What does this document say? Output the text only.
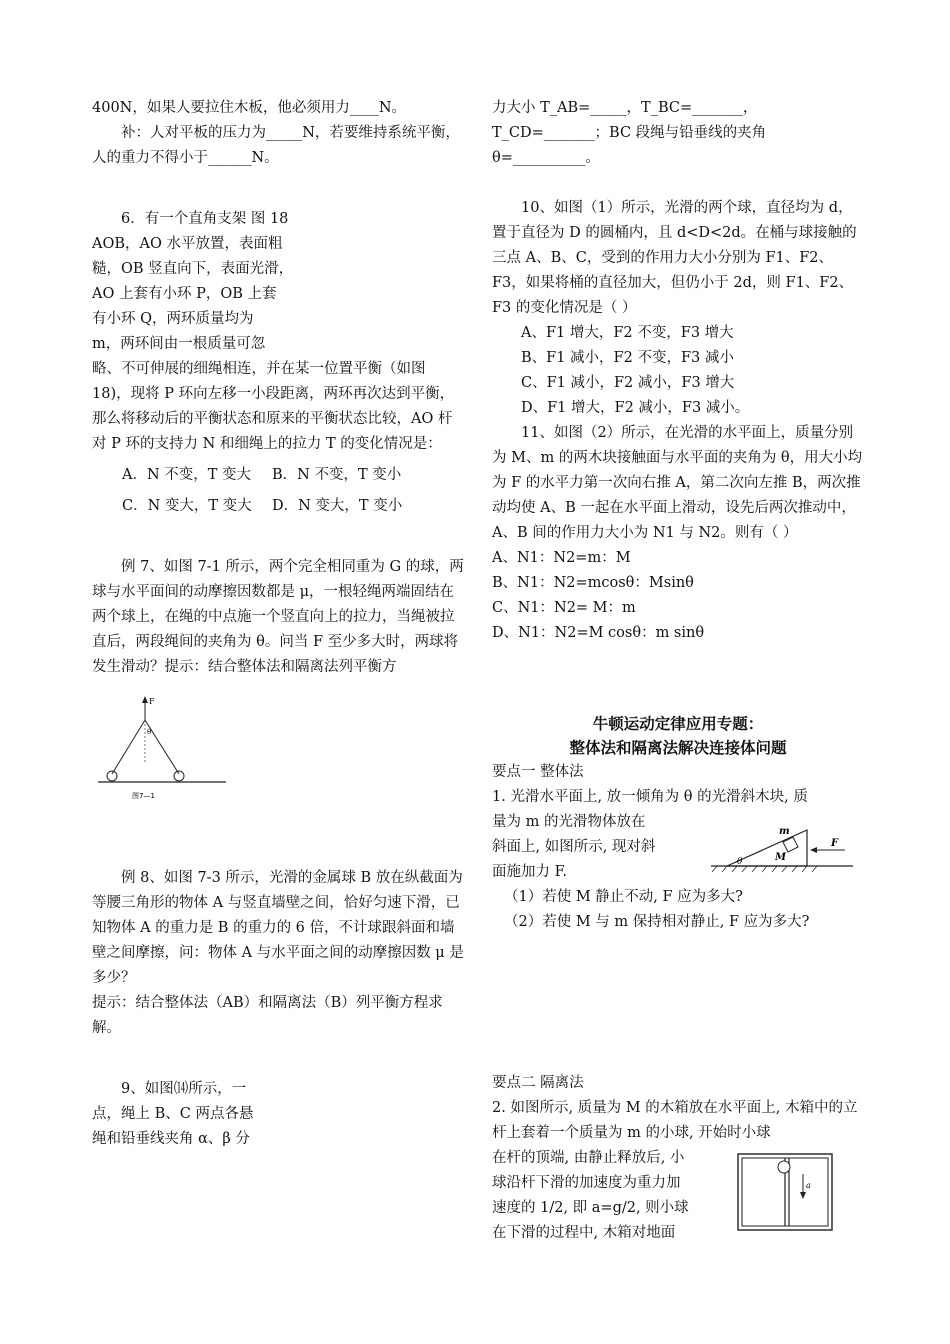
400N，如果人要拉住木板，他必须用力____N。

补：人对平板的压力为_____N，若要维持系统平衡，人的重力不得小于______N。

6．有一个直角支架 图 18

AOB，AO 水平放置，表面粗

糙，OB 竖直向下，表面光滑，

AO 上套有小环 P，OB 上套

有小环 Q，两环质量均为

m，两环间由一根质量可忽

略、不可伸展的细绳相连，并在某一位置平衡（如图 18)，现将 P 环向左移一小段距离，两环再次达到平衡，那么将移动后的平衡状态和原来的平衡状态比较，AO 杆对 P 环的支持力 N 和细绳上的拉力 T 的变化情况是：

A．N 不变，T 变大	B．N 不变，T 变小
C．N 变大，T 变大	D．N 变大，T 变小

例 7、如图 7-1 所示，两个完全相同重为 G 的球，两球与水平面间的动摩擦因数都是 μ，一根轻绳两端固结在两个球上，在绳的中点施一个竖直向上的拉力，当绳被拉直后，两段绳间的夹角为 θ。问当 F 至少多大时，两球将发生滑动？提示：结合整体法和隔离法列平衡方

F
θ
图7—1

例 8、如图 7-3 所示，光滑的金属球 B 放在纵截面为等腰三角形的物体 A 与竖直墙壁之间，恰好匀速下滑，已知物体 A 的重力是 B 的重力的 6 倍，不计球跟斜面和墙壁之间摩擦，问：物体 A 与水平面之间的动摩擦因数 μ 是多少？

提示：结合整体法（AB）和隔离法（B）列平衡方程求解。

9、如图⒁所示，一

点，绳上 B、C 两点各悬

绳和铅垂线夹角 α、β 分

力大小 T_AB=_____，T_BC=_______，T_CD=_______；BC 段绳与铅垂线的夹角 θ=__________。

10、如图（1）所示，光滑的两个球，直径均为 d，置于直径为 D 的圆桶内，且 d<D<2d。在桶与球接触的三点 A、B、C，受到的作用力大小分别为 F1、F2、F3，如果将桶的直径加大，但仍小于 2d，则 F1、F2、F3 的变化情况是（ ）

A、F1 增大，F2 不变，F3 增大

B、F1 减小，F2 不变，F3 减小

C、F1 减小，F2 减小，F3 增大

D、F1 增大，F2 减小，F3 减小。

11、如图（2）所示，在光滑的水平面上，质量分别为 M、m 的两木块接触面与水平面的夹角为 θ，用大小均为 F 的水平力第一次向右推 A，第二次向左推 B，两次推动均使 A、B 一起在水平面上滑动，设先后两次推动中，A、B 间的作用力大小为 N1 与 N2。则有（ ）

A、N1：N2=m：M

B、N1：N2=mcosθ：Msinθ

C、N1：N2= M：m

D、N1：N2=M cosθ：m sinθ

牛顿运动定律应用专题：
整体法和隔离法解决连接体问题

要点一 整体法

1. 光滑水平面上, 放一倾角为 θ 的光滑斜木块, 质

量为 m 的光滑物体放在

斜面上, 如图所示, 现对斜

面施加力 F.

m
M
F
θ

（1）若使 M 静止不动, F 应为多大?

（2）若使 M 与 m 保持相对静止, F 应为多大?

要点二 隔离法

2. 如图所示, 质量为 M 的木箱放在水平面上, 木箱中的立杆上套着一个质量为 m 的小球, 开始时小球

在杆的顶端, 由静止释放后, 小

球沿杆下滑的加速度为重力加

速度的 1/2, 即 a=g/2, 则小球

在下滑的过程中, 木箱对地面

a
